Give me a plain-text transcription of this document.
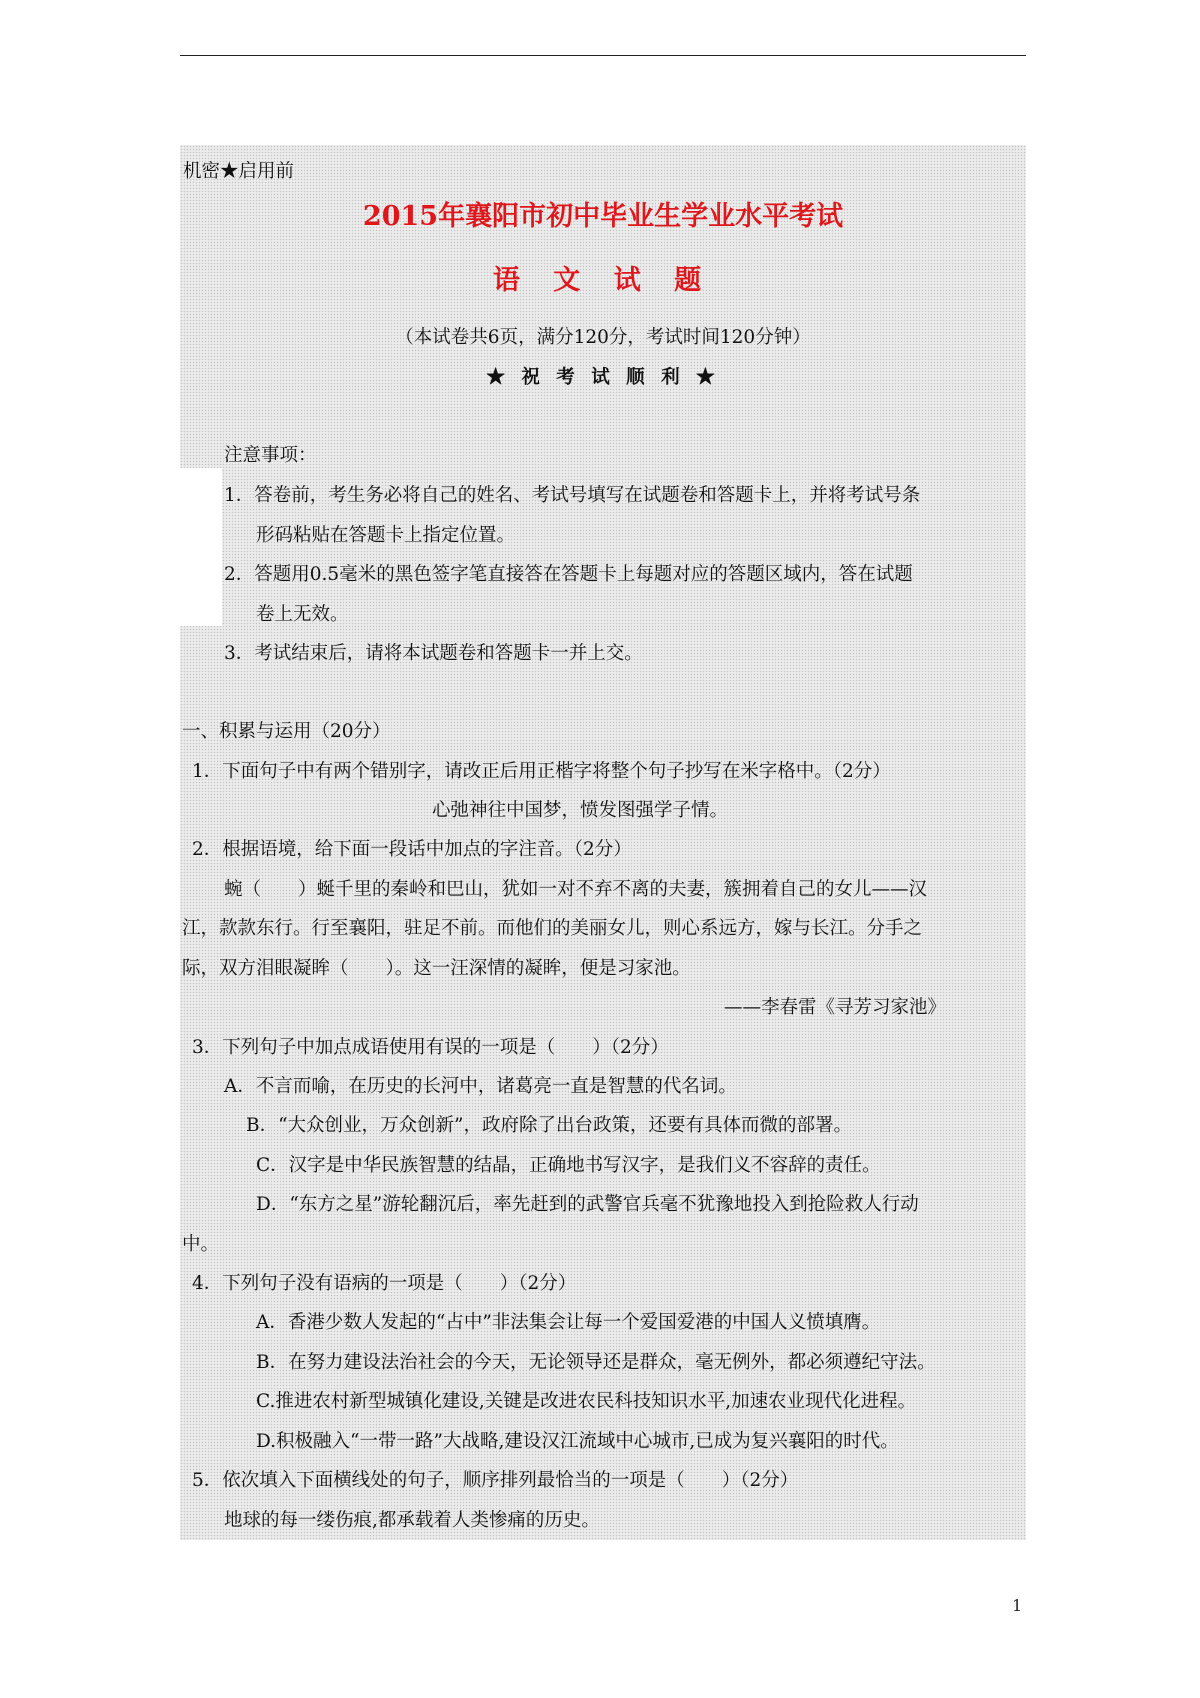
机密★启用前
2015年襄阳市初中毕业生学业水平考试
语 文 试 题
（本试卷共6页，满分120分，考试时间120分钟）
★ 祝 考 试 顺 利 ★
注意事项：
1．答卷前，考生务必将自己的姓名、考试号填写在试题卷和答题卡上，并将考试号条
形码粘贴在答题卡上指定位置。
2．答题用0.5毫米的黑色签字笔直接答在答题卡上每题对应的答题区域内，答在试题
卷上无效。
3．考试结束后，请将本试题卷和答题卡一并上交。
一、积累与运用（20分）
1．下面句子中有两个错别字，请改正后用正楷字将整个句子抄写在米字格中。（2分）
心弛神往中国梦，愤发图强学子情。
2．根据语境，给下面一段话中加点的字注音。（2分）
蜿（　　）蜒千里的秦岭和巴山，犹如一对不弃不离的夫妻，簇拥着自己的女儿——汉
江，款款东行。行至襄阳，驻足不前。而他们的美丽女儿，则心系远方，嫁与长江。分手之
际，双方泪眼凝眸（　　）。这一汪深情的凝眸，便是习家池。
——李春雷《寻芳习家池》
3．下列句子中加点成语使用有误的一项是（　　）（2分）
A．不言而喻，在历史的长河中，诸葛亮一直是智慧的代名词。
B．“大众创业，万众创新”，政府除了出台政策，还要有具体而微的部署。
C．汉字是中华民族智慧的结晶，正确地书写汉字，是我们义不容辞的责任。
D．“东方之星”游轮翻沉后，率先赶到的武警官兵毫不犹豫地投入到抢险救人行动
中。
4．下列句子没有语病的一项是（　　）（2分）
A．香港少数人发起的“占中”非法集会让每一个爱国爱港的中国人义愤填膺。
B．在努力建设法治社会的今天，无论领导还是群众，毫无例外，都必须遵纪守法。
C.推进农村新型城镇化建设,关键是改进农民科技知识水平,加速农业现代化进程。
D.积极融入“一带一路”大战略,建设汉江流域中心城市,已成为复兴襄阳的时代。
5．依次填入下面横线处的句子，顺序排列最恰当的一项是（　　）（2分）
地球的每一缕伤痕,都承载着人类惨痛的历史。
1
